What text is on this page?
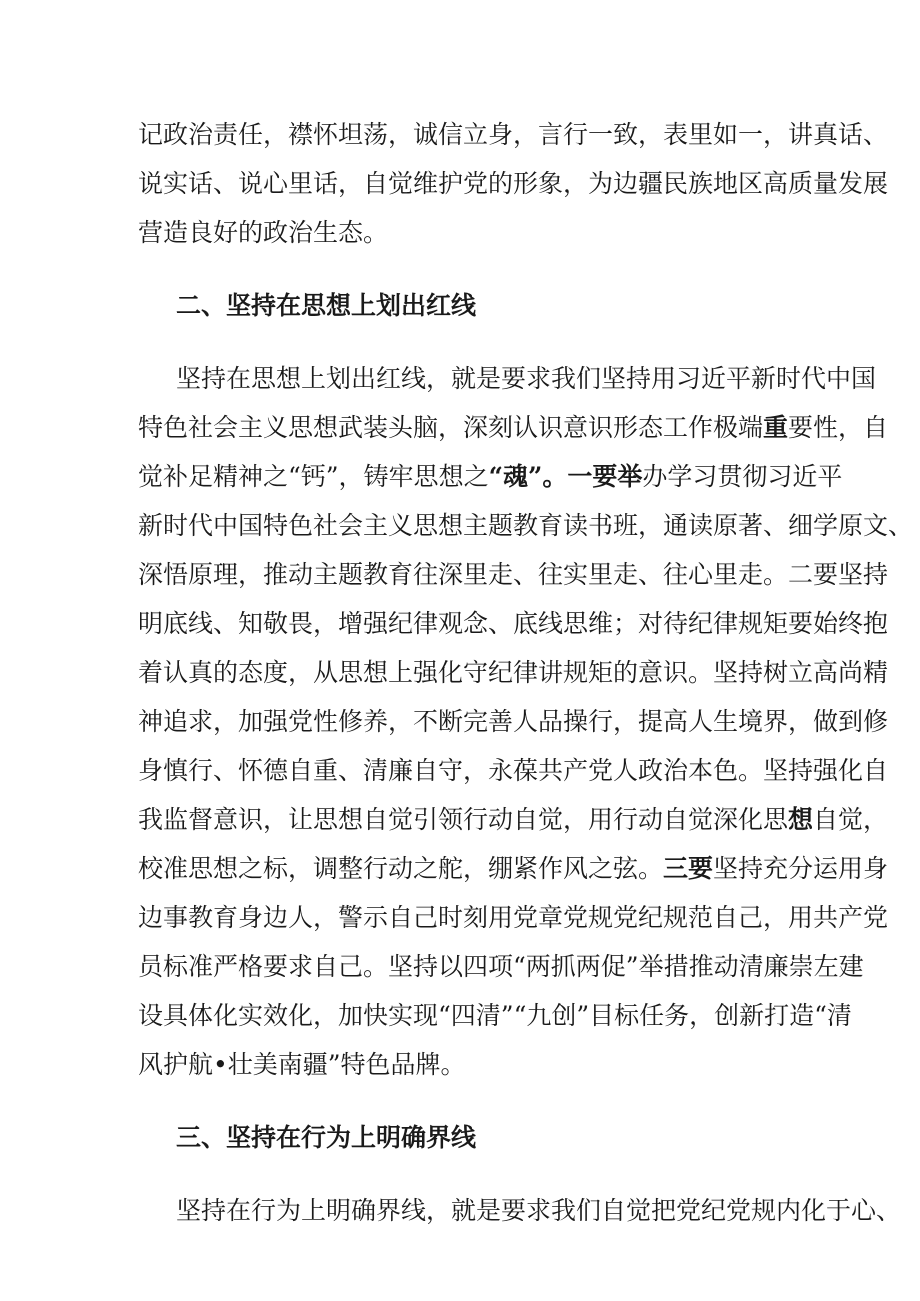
记政治责任，襟怀坦荡，诚信立身，言行一致，表里如一，讲真话、
说实话、说心里话，自觉维护党的形象，为边疆民族地区高质量发展
营造良好的政治生态。
二、坚持在思想上划出红线
坚持在思想上划出红线，就是要求我们坚持用习近平新时代中国
特色社会主义思想武装头脑，深刻认识意识形态工作极端重要性，自
觉补足精神之“钙”，铸牢思想之“魂”。一要举办学习贯彻习近平
新时代中国特色社会主义思想主题教育读书班，通读原著、细学原文、
深悟原理，推动主题教育往深里走、往实里走、往心里走。二要坚持
明底线、知敬畏，增强纪律观念、底线思维；对待纪律规矩要始终抱
着认真的态度，从思想上强化守纪律讲规矩的意识。坚持树立高尚精
神追求，加强党性修养，不断完善人品操行，提高人生境界，做到修
身慎行、怀德自重、清廉自守，永葆共产党人政治本色。坚持强化自
我监督意识，让思想自觉引领行动自觉，用行动自觉深化思想自觉，
校准思想之标，调整行动之舵，绷紧作风之弦。三要坚持充分运用身
边事教育身边人，警示自己时刻用党章党规党纪规范自己，用共产党
员标准严格要求自己。坚持以四项“两抓两促”举措推动清廉崇左建
设具体化实效化，加快实现“四清”“九创”目标任务，创新打造“清
风护航•壮美南疆”特色品牌。
三、坚持在行为上明确界线
坚持在行为上明确界线，就是要求我们自觉把党纪党规内化于心、
